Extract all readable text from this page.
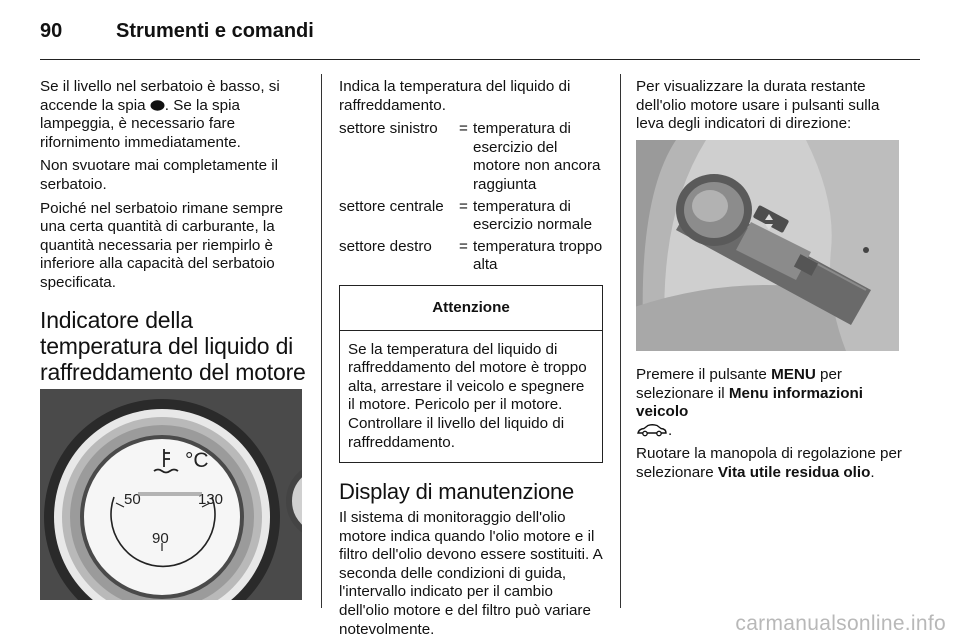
90	Strumenti e comandi

Se il livello nel serbatoio è basso, si accende la spia . Se la spia lampeggia, è necessario fare rifornimento immediatamente.

Non svuotare mai completamente il serbatoio.

Poiché nel serbatoio rimane sempre una certa quantità di carburante, la quantità necessaria per riempirlo è inferiore alla capacità del serbatoio specificata.

Indicatore della temperatura del liquido di raffreddamento del motore
°C
50	130
90

Indica la temperatura del liquido di raffreddamento.

settore sinistro	= temperatura di esercizio del motore non ancora raggiunta
settore centrale	= temperatura di esercizio normale
settore destro	= temperatura troppo alta
Attenzione
Se la temperatura del liquido di raffreddamento del motore è troppo alta, arrestare il veicolo e spegnere il motore. Pericolo per il motore. Controllare il livello del liquido di raffreddamento.
Display di manutenzione

Il sistema di monitoraggio dell'olio motore indica quando l'olio motore e il filtro dell'olio devono essere sostituiti. A seconda delle condizioni di guida, l'intervallo indicato per il cambio dell'olio motore e del filtro può variare notevolmente.

Per visualizzare la durata restante dell'olio motore usare i pulsanti sulla leva degli indicatori di direzione:

Premere il pulsante MENU per selezionare il Menu informazioni veicolo
.

Ruotare la manopola di regolazione per selezionare Vita utile residua olio.

carmanualsonline.info
